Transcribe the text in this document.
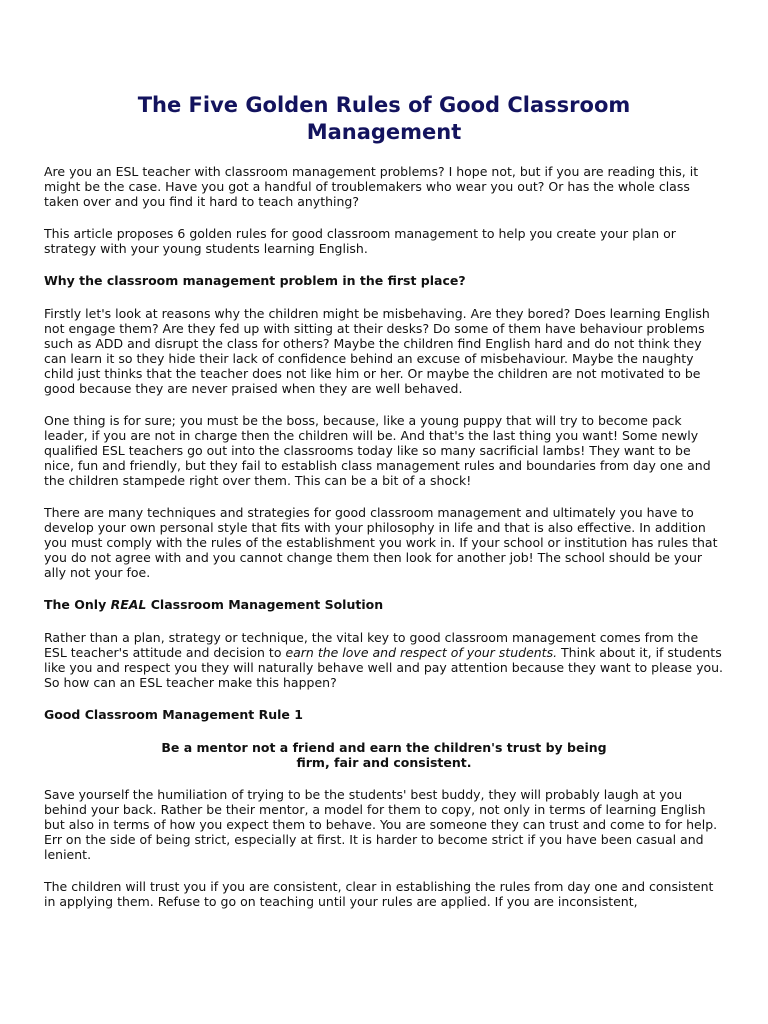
The Five Golden Rules of Good Classroom
Management

Are you an ESL teacher with classroom management problems? I hope not, but if you are reading this, it might be the case. Have you got a handful of troublemakers who wear you out? Or has the whole class taken over and you find it hard to teach anything?

This article proposes 6 golden rules for good classroom management to help you create your plan or strategy with your young students learning English.

Why the classroom management problem in the first place?

Firstly let's look at reasons why the children might be misbehaving. Are they bored? Does learning English not engage them? Are they fed up with sitting at their desks? Do some of them have behaviour problems such as ADD and disrupt the class for others? Maybe the children find English hard and do not think they can learn it so they hide their lack of confidence behind an excuse of misbehaviour. Maybe the naughty child just thinks that the teacher does not like him or her. Or maybe the children are not motivated to be good because they are never praised when they are well behaved.

One thing is for sure; you must be the boss, because, like a young puppy that will try to become pack leader, if you are not in charge then the children will be. And that's the last thing you want! Some newly qualified ESL teachers go out into the classrooms today like so many sacrificial lambs! They want to be nice, fun and friendly, but they fail to establish class management rules and boundaries from day one and the children stampede right over them. This can be a bit of a shock!

There are many techniques and strategies for good classroom management and ultimately you have to develop your own personal style that fits with your philosophy in life and that is also effective. In addition you must comply with the rules of the establishment you work in. If your school or institution has rules that you do not agree with and you cannot change them then look for another job! The school should be your ally not your foe.

The Only REAL Classroom Management Solution

Rather than a plan, strategy or technique, the vital key to good classroom management comes from the ESL teacher's attitude and decision to earn the love and respect of your students. Think about it, if students like you and respect you they will naturally behave well and pay attention because they want to please you. So how can an ESL teacher make this happen?

Good Classroom Management Rule 1
Be a mentor not a friend and earn the children's trust by being
firm, fair and consistent.

Save yourself the humiliation of trying to be the students' best buddy, they will probably laugh at you behind your back. Rather be their mentor, a model for them to copy, not only in terms of learning English but also in terms of how you expect them to behave. You are someone they can trust and come to for help. Err on the side of being strict, especially at first. It is harder to become strict if you have been casual and lenient.

The children will trust you if you are consistent, clear in establishing the rules from day one and consistent in applying them. Refuse to go on teaching until your rules are applied. If you are inconsistent,
